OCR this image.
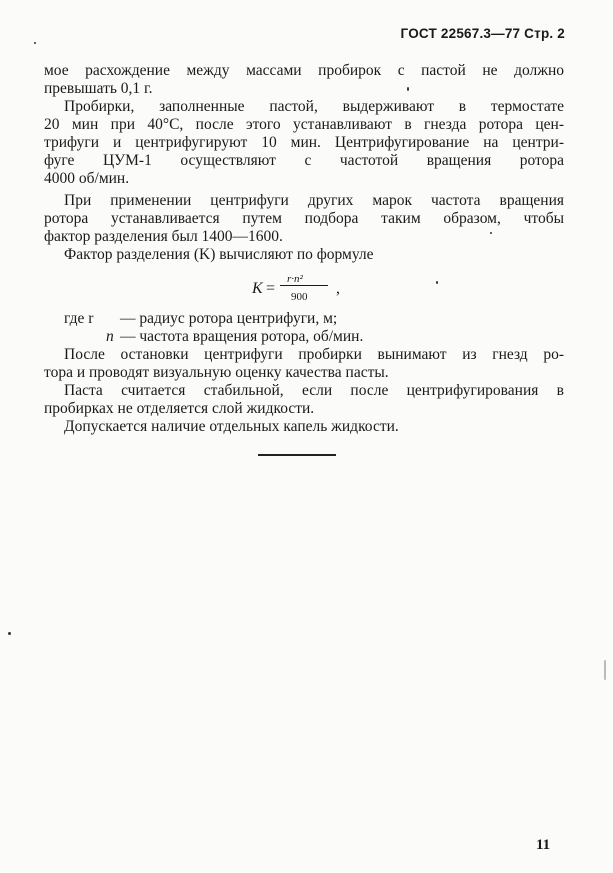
ГОСТ 22567.3—77 Стр. 2
мое расхождение между массами пробирок с пастой не должно
превышать 0,1 г.
Пробирки, заполненные пастой, выдерживают в термостате
20 мин при 40°С, после этого устанавливают в гнезда ротора цен-
трифуги и центрифугируют 10 мин. Центрифугирование на центри-
фуге ЦУМ-1 осуществляют с частотой вращения ротора
4000 об/мин.
При применении центрифуги других марок частота вращения
ротора устанавливается путем подбора таким образом, чтобы
фактор разделения был 1400—1600.
Фактор разделения (K) вычисляют по формуле
K =
r·n²
900 ,
где r — радиус ротора центрифуги, м;
n — частота вращения ротора, об/мин.
После остановки центрифуги пробирки вынимают из гнезд ро-
тора и проводят визуальную оценку качества пасты.
Паста считается стабильной, если после центрифугирования в
пробирках не отделяется слой жидкости.
Допускается наличие отдельных капель жидкости.
11
